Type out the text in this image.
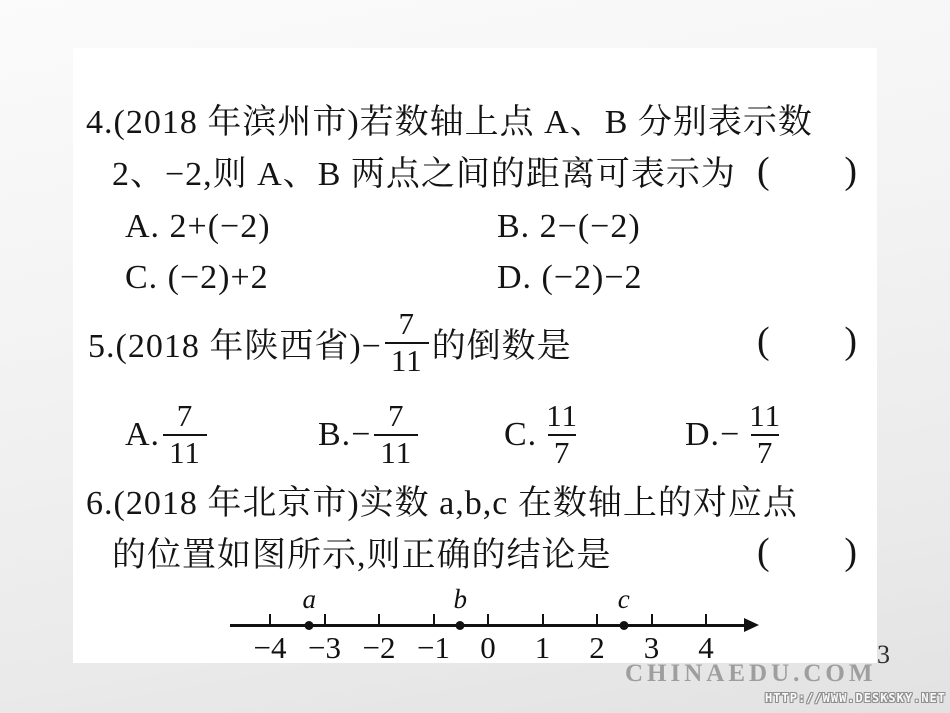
CHINAEDU.COM
4.(2018 年滨州市)若数轴上点 A、B 分别表示数
2、−2,则 A、B 两点之间的距离可表示为 ( )
A. 2+(−2)	B. 2−(−2)
C. (−2)+2	D. (−2)−2
5.(2018 年陕西省)− $\frac{7}{11}$ 的倒数是	( )
A. $\frac{7}{11}$	B. − $\frac{7}{11}$	C. $\frac{11}{7}$	D. − $\frac{11}{7}$
6.(2018 年北京市)实数 a,b,c 在数轴上的对应点
的位置如图所示,则正确的结论是	( )
−4 −3 −2 −1 0 1 2 3 4
a	b	c
3
HTTP://WWW.DESKSKY.NET
